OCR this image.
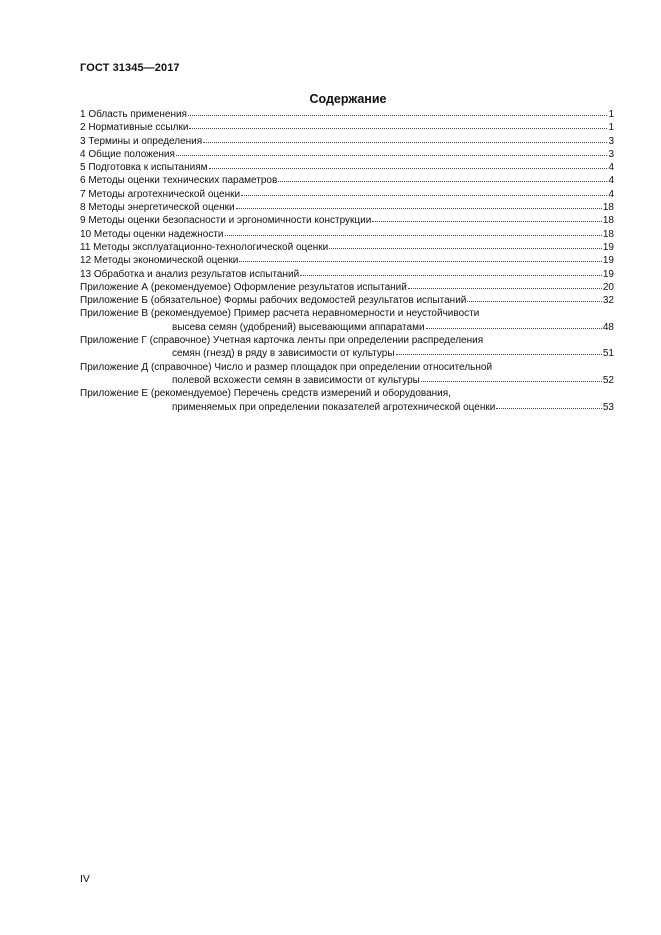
ГОСТ 31345—2017
Содержание
1 Область применения	1
2 Нормативные ссылки	1
3 Термины и определения	3
4 Общие положения	3
5 Подготовка к испытаниям	4
6 Методы оценки технических параметров	4
7 Методы агротехнической оценки	4
8 Методы энергетической оценки	18
9 Методы оценки безопасности и эргономичности конструкции	18
10 Методы оценки надежности	18
11 Методы эксплуатационно-технологической оценки	19
12 Методы экономической оценки	19
13 Обработка и анализ результатов испытаний	19
Приложение А (рекомендуемое) Оформление результатов испытаний	20
Приложение Б (обязательное) Формы рабочих ведомостей результатов испытаний	32
Приложение В (рекомендуемое) Пример расчета неравномерности и неустойчивости
высева семян (удобрений) высевающими аппаратами	48
Приложение Г (справочное) Учетная карточка ленты при определении распределения
семян (гнезд) в ряду в зависимости от культуры	51
Приложение Д (справочное) Число и размер площадок при определении относительной
полевой всхожести семян в зависимости от культуры	52
Приложение Е (рекомендуемое) Перечень средств измерений и оборудования,
применяемых при определении показателей агротехнической оценки	53
IV
